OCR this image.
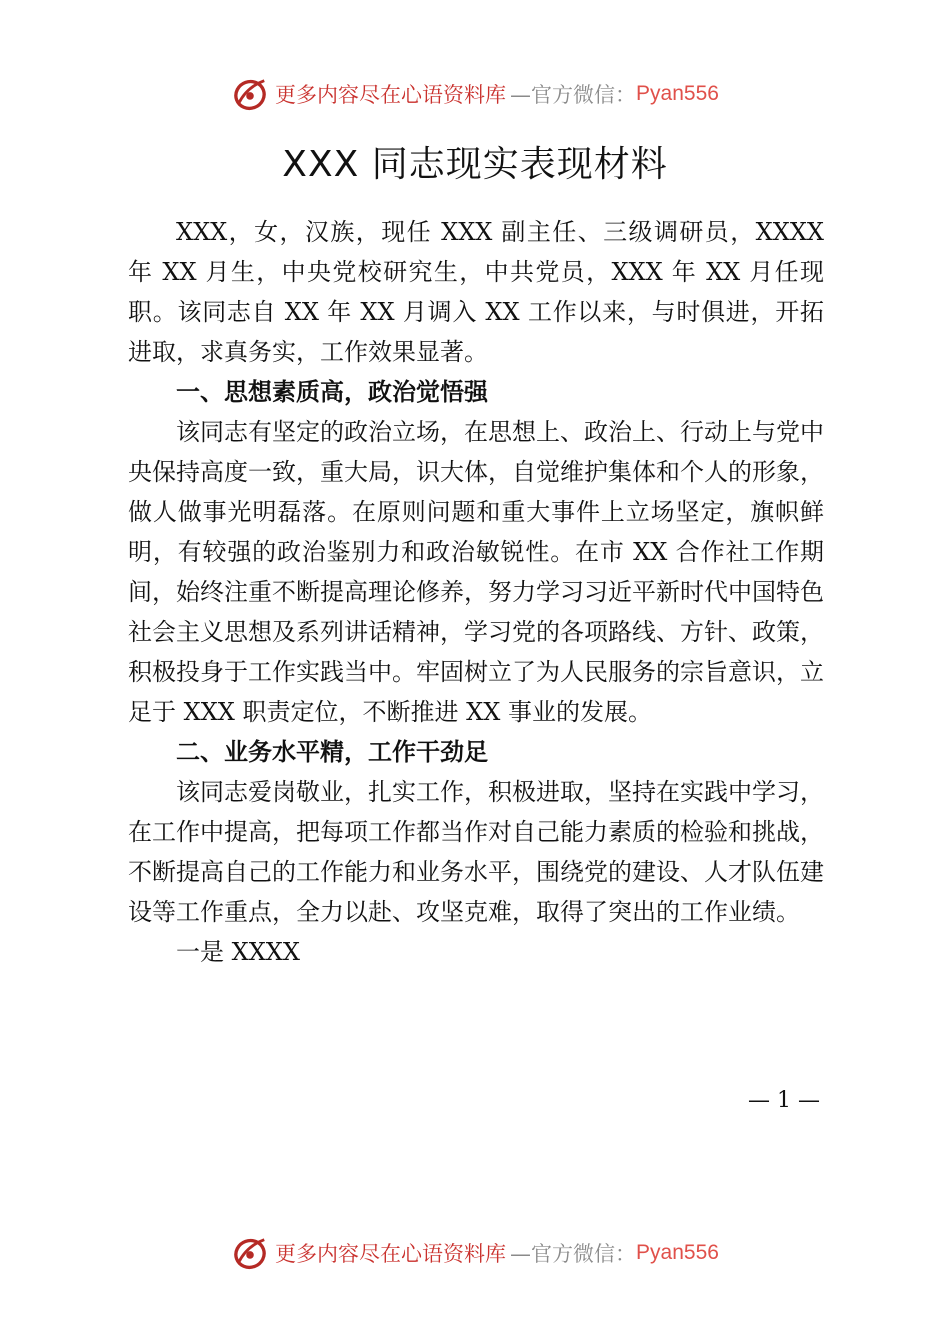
更多内容尽在心语资料库 —官方微信： Pyan556
XXX 同志现实表现材料

XXX，女，汉族，现任 XXX 副主任、三级调研员，XXXX 年 XX 月生，中央党校研究生，中共党员，XXX 年 XX 月任现职。该同志自 XX 年 XX 月调入 XX 工作以来，与时俱进，开拓进取，求真务实，工作效果显著。

一、思想素质高，政治觉悟强

该同志有坚定的政治立场，在思想上、政治上、行动上与党中央保持高度一致，重大局，识大体，自觉维护集体和个人的形象，做人做事光明磊落。在原则问题和重大事件上立场坚定，旗帜鲜明，有较强的政治鉴别力和政治敏锐性。在市 XX 合作社工作期间，始终注重不断提高理论修养，努力学习习近平新时代中国特色社会主义思想及系列讲话精神，学习党的各项路线、方针、政策，积极投身于工作实践当中。牢固树立了为人民服务的宗旨意识，立足于 XXX 职责定位，不断推进 XX 事业的发展。

二、业务水平精，工作干劲足

该同志爱岗敬业，扎实工作，积极进取，坚持在实践中学习，在工作中提高，把每项工作都当作对自己能力素质的检验和挑战，不断提高自己的工作能力和业务水平，围绕党的建设、人才队伍建设等工作重点，全力以赴、攻坚克难，取得了突出的工作业绩。

一是 XXXX

— 1 —
更多内容尽在心语资料库 —官方微信： Pyan556
